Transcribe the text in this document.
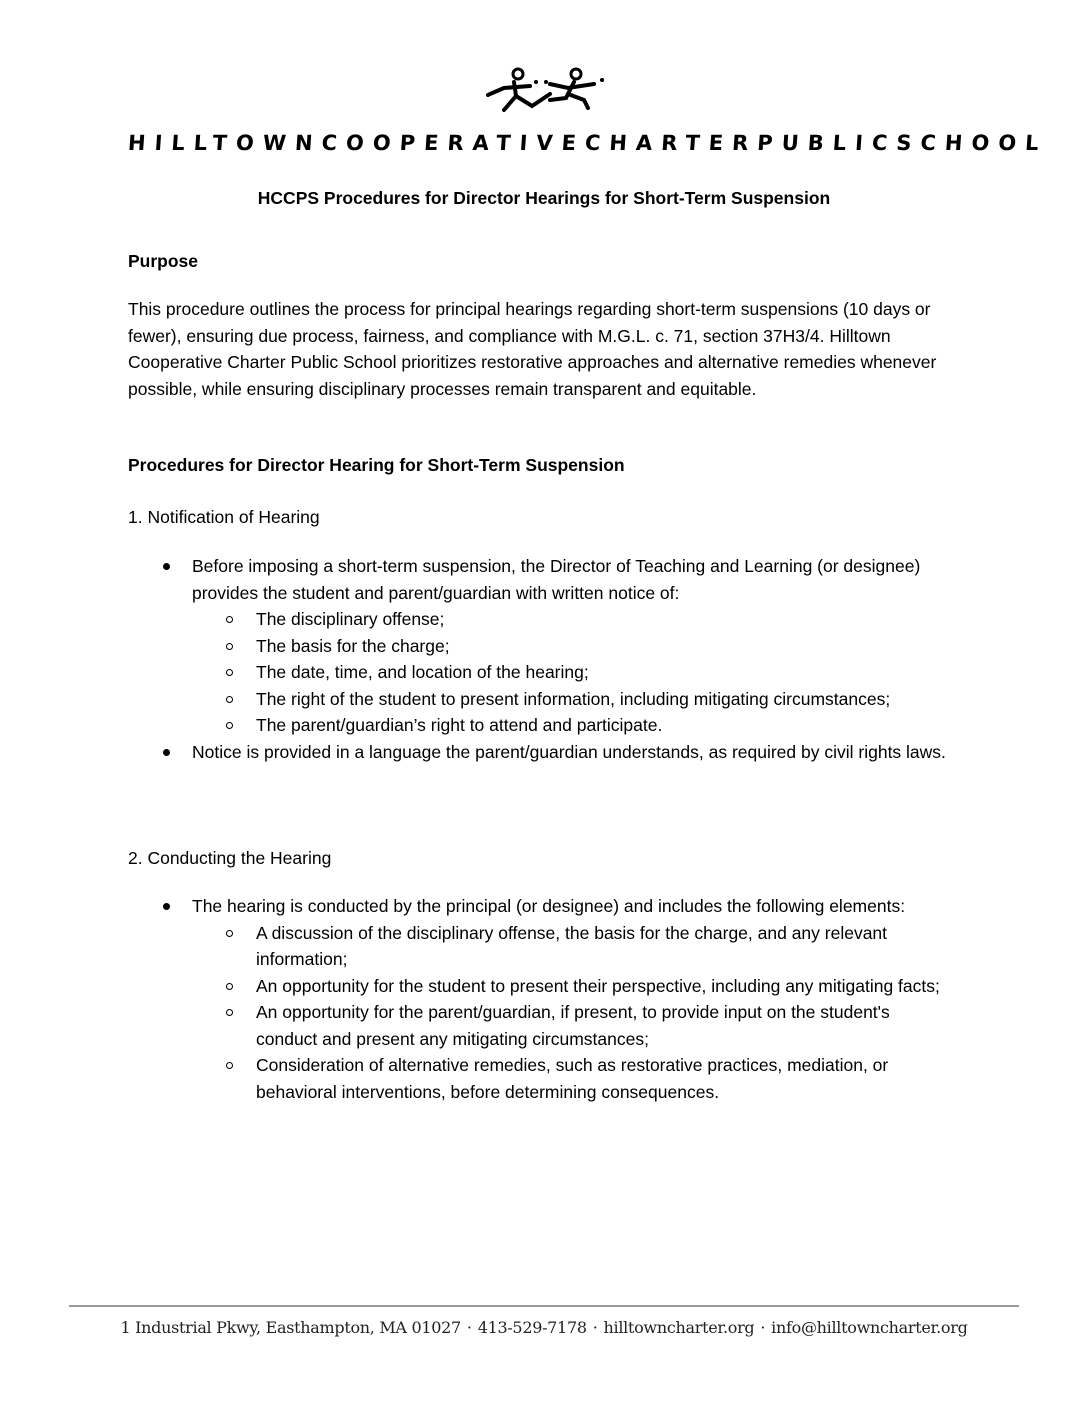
HILLTOWN
COOPERATIVE
CHARTER
PUBLIC
SCHOOL
HCCPS Procedures for Director Hearings for Short-Term Suspension
Purpose
This procedure outlines the process for principal hearings regarding short-term suspensions (10 days or fewer), ensuring due process, fairness, and compliance with M.G.L. c. 71, section 37H3/4. Hilltown Cooperative Charter Public School prioritizes restorative approaches and alternative remedies whenever possible, while ensuring disciplinary processes remain transparent and equitable.
Procedures for Director Hearing for Short-Term Suspension
1. Notification of Hearing
Before imposing a short-term suspension, the Director of Teaching and Learning (or designee) provides the student and parent/guardian with written notice of:
The disciplinary offense;
The basis for the charge;
The date, time, and location of the hearing;
The right of the student to present information, including mitigating circumstances;
The parent/guardian’s right to attend and participate.
Notice is provided in a language the parent/guardian understands, as required by civil rights laws.
2. Conducting the Hearing
The hearing is conducted by the principal (or designee) and includes the following elements:
A discussion of the disciplinary offense, the basis for the charge, and any relevant information;
An opportunity for the student to present their perspective, including any mitigating facts;
An opportunity for the parent/guardian, if present, to provide input on the student's conduct and present any mitigating circumstances;
Consideration of alternative remedies, such as restorative practices, mediation, or behavioral interventions, before determining consequences.
1 Industrial Pkwy, Easthampton, MA 01027 · 413-529-7178 · hilltowncharter.org · info@hilltowncharter.org
